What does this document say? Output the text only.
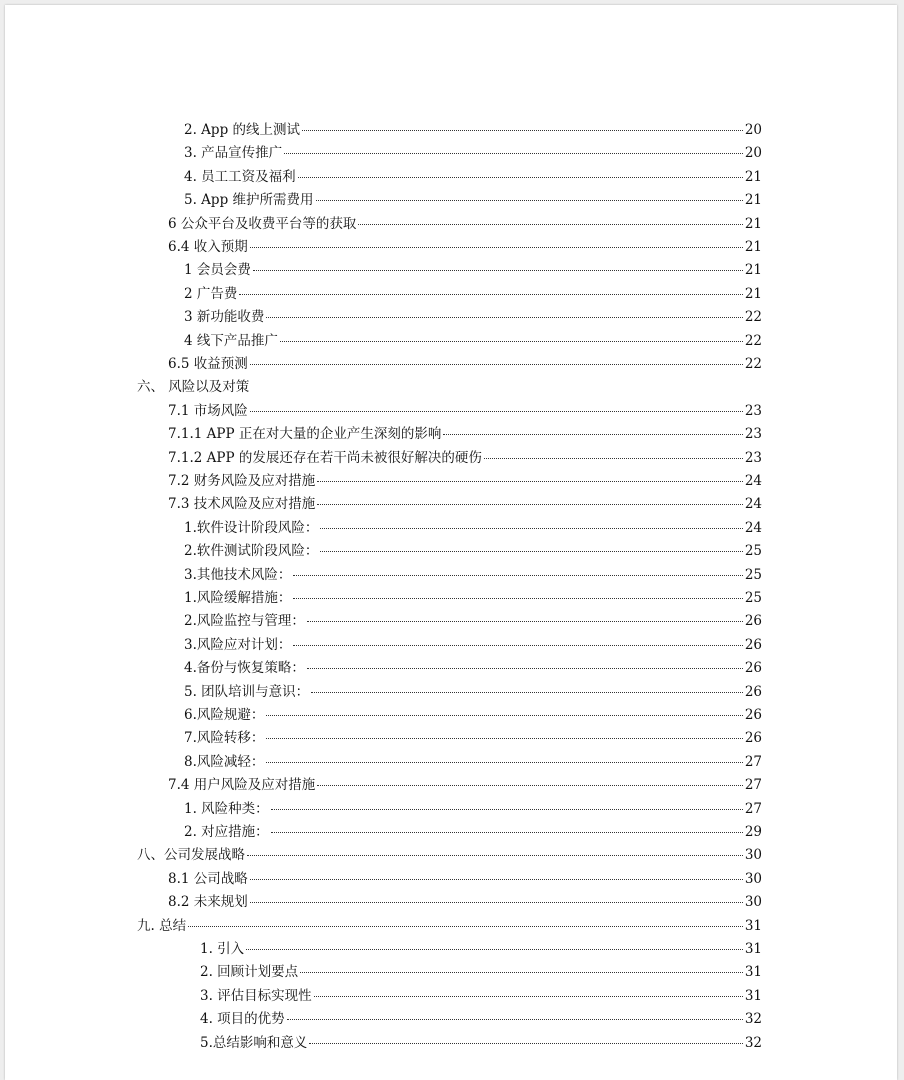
2. App 的线上测试	20
3. 产品宣传推广	20
4. 员工工资及福利	21
5. App 维护所需费用	21
6 公众平台及收费平台等的获取	21
6.4 收入预期	21
1 会员会费	21
2 广告费	21
3 新功能收费	22
4 线下产品推广	22
6.5 收益预测	22
六、 风险以及对策
7.1 市场风险	23
7.1.1 APP 正在对大量的企业产生深刻的影响	23
7.1.2 APP 的发展还存在若干尚未被很好解决的硬伤	23
7.2 财务风险及应对措施	24
7.3 技术风险及应对措施	24
1.软件设计阶段风险：	24
2.软件测试阶段风险：	25
3.其他技术风险：	25
1.风险缓解措施：	25
2.风险监控与管理：	26
3.风险应对计划：	26
4.备份与恢复策略：	26
5. 团队培训与意识：	26
6.风险规避：	26
7.风险转移：	26
8.风险减轻：	27
7.4 用户风险及应对措施	27
1. 风险种类：	27
2. 对应措施：	29
八、公司发展战略	30
8.1 公司战略	30
8.2 未来规划	30
九. 总结	31
1. 引入	31
2. 回顾计划要点	31
3. 评估目标实现性	31
4. 项目的优势	32
5.总结影响和意义	32
